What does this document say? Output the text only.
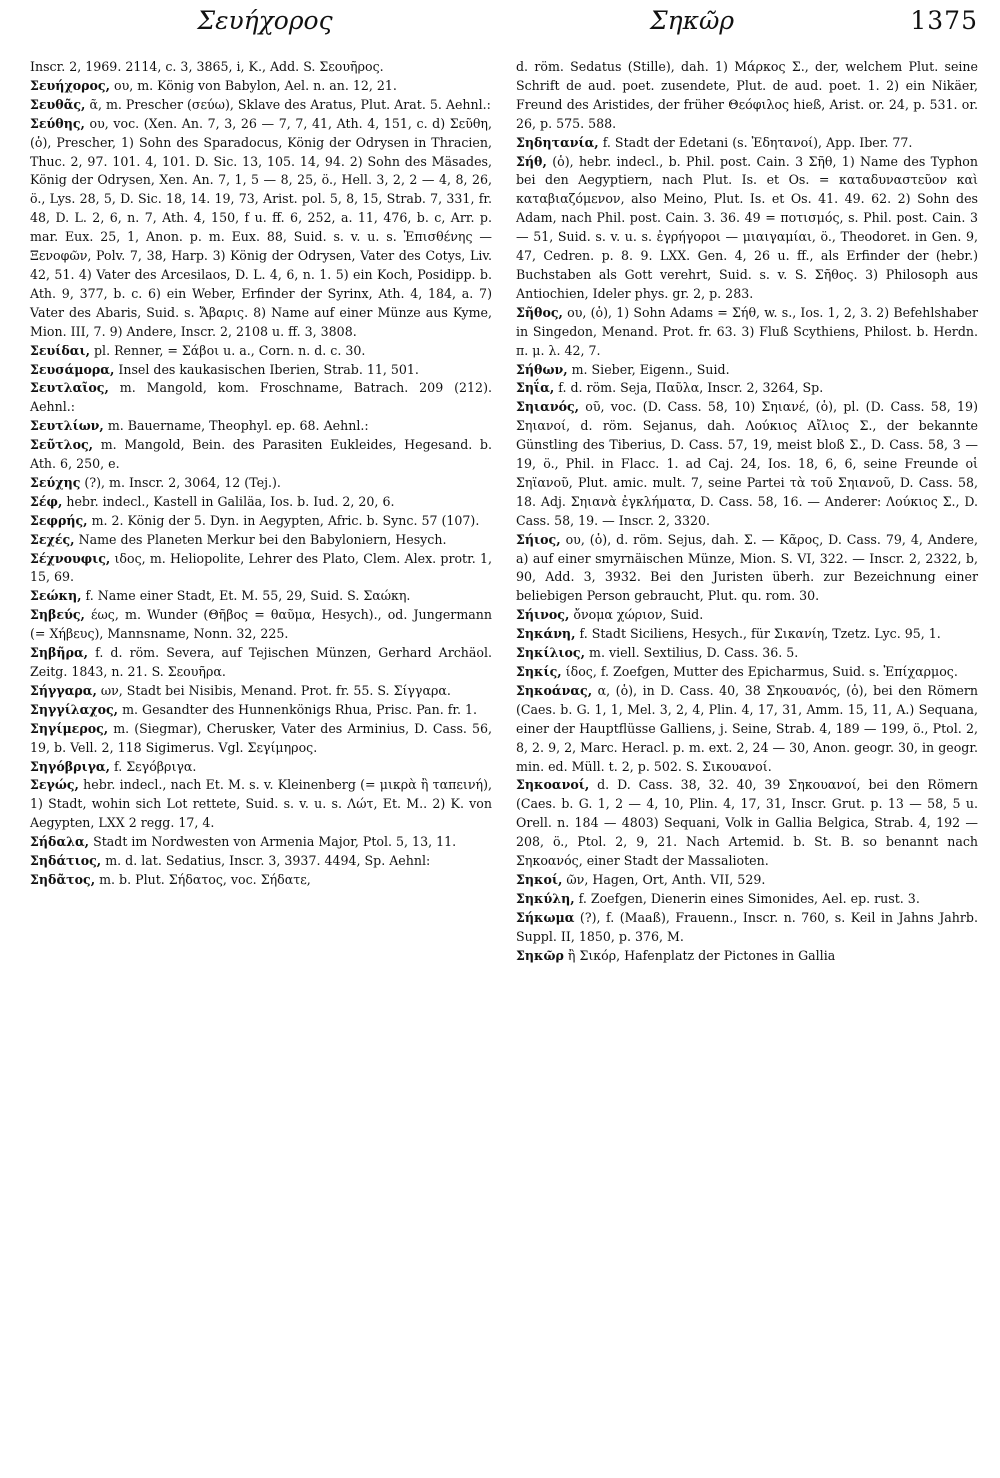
Σευήχορος	Σηκῶρ	1375

Inscr. 2, 1969. 2114, c. 3, 3865, i, K., Add. S. Σεουῆρος.

Σευήχορος, ου, m. König von Babylon, Ael. n. an. 12, 21.

Σευθᾶς, ᾶ, m. Prescher (σεύω), Sklave des Aratus, Plut. Arat. 5. Aehnl.:

Σεύθης, ου, voc. (Xen. An. 7, 3, 26 — 7, 7, 41, Ath. 4, 151, c. d) Σεῦθη, (ὁ), Prescher, 1) Sohn des Sparadocus, König der Odrysen in Thracien, Thuc. 2, 97. 101. 4, 101. D. Sic. 13, 105. 14, 94. 2) Sohn des Mäsades, König der Odrysen, Xen. An. 7, 1, 5 — 8, 25, ö., Hell. 3, 2, 2 — 4, 8, 26, ö., Lys. 28, 5, D. Sic. 18, 14. 19, 73, Arist. pol. 5, 8, 15, Strab. 7, 331, fr. 48, D. L. 2, 6, n. 7, Ath. 4, 150, f u. ff. 6, 252, a. 11, 476, b. c, Arr. p. mar. Eux. 25, 1, Anon. p. m. Eux. 88, Suid. s. v. u. s. Ἐπισθένης — Ξενοφῶν, Polv. 7, 38, Harp. 3) König der Odrysen, Vater des Cotys, Liv. 42, 51. 4) Vater des Arcesilaos, D. L. 4, 6, n. 1. 5) ein Koch, Posidipp. b. Ath. 9, 377, b. c. 6) ein Weber, Erfinder der Syrinx, Ath. 4, 184, a. 7) Vater des Abaris, Suid. s. Ἄβαρις. 8) Name auf einer Münze aus Kyme, Mion. III, 7. 9) Andere, Inscr. 2, 2108 u. ff. 3, 3808.

Σευίδαι, pl. Renner, = Σάβοι u. a., Corn. n. d. c. 30.

Σευσάμορα, Insel des kaukasischen Iberien, Strab. 11, 501.

Σευτλαῖος, m. Mangold, kom. Froschname, Batrach. 209 (212). Aehnl.:

Σευτλίων, m. Bauername, Theophyl. ep. 68. Aehnl.:

Σεῦτλος, m. Mangold, Bein. des Parasiten Eukleides, Hegesand. b. Ath. 6, 250, e.

Σεύχης (?), m. Inscr. 2, 3064, 12 (Tej.).

Σέφ, hebr. indecl., Kastell in Galiläa, Ios. b. Iud. 2, 20, 6.

Σεφρής, m. 2. König der 5. Dyn. in Aegypten, Afric. b. Sync. 57 (107).

Σεχές, Name des Planeten Merkur bei den Babyloniern, Hesych.

Σέχνουφις, ιδος, m. Heliopolite, Lehrer des Plato, Clem. Alex. protr. 1, 15, 69.

Σεώκη, f. Name einer Stadt, Et. M. 55, 29, Suid. S. Σαώκη.

Σηβεύς, έως, m. Wunder (Θῆβος = θαῦμα, Hesych)., od. Jungermann (= Χήβευς), Mannsname, Nonn. 32, 225.

Σηβῆρα, f. d. röm. Severa, auf Tejischen Münzen, Gerhard Archäol. Zeitg. 1843, n. 21. S. Σεουῆρα.

Σήγγαρα, ων, Stadt bei Nisibis, Menand. Prot. fr. 55. S. Σίγγαρα.

Σηγγίλαχος, m. Gesandter des Hunnenkönigs Rhua, Prisc. Pan. fr. 1.

Σηγίμερος, m. (Siegmar), Cherusker, Vater des Arminius, D. Cass. 56, 19, b. Vell. 2, 118 Sigimerus. Vgl. Σεγίμηρος.

Σηγόβριγα, f. Σεγόβριγα.

Σεγώς, hebr. indecl., nach Et. M. s. v. Kleinenberg (= μικρὰ ἢ ταπεινή), 1) Stadt, wohin sich Lot rettete, Suid. s. v. u. s. Λώτ, Et. M.. 2) K. von Aegypten, LXX 2 regg. 17, 4.

Σήδαλα, Stadt im Nordwesten von Armenia Major, Ptol. 5, 13, 11.

Σηδάτιος, m. d. lat. Sedatius, Inscr. 3, 3937. 4494, Sp. Aehnl:

Σηδᾶτος, m. b. Plut. Σήδατος, voc. Σήδατε,

d. röm. Sedatus (Stille), dah. 1) Μάρκος Σ., der, welchem Plut. seine Schrift de aud. poet. zusendete, Plut. de aud. poet. 1. 2) ein Nikäer, Freund des Aristides, der früher Θεόφιλος hieß, Arist. or. 24, p. 531. or. 26, p. 575. 588.

Σηδητανία, f. Stadt der Edetani (s. Ἐδητανοί), App. Iber. 77.

Σήθ, (ὁ), hebr. indecl., b. Phil. post. Cain. 3 Σῆθ, 1) Name des Typhon bei den Aegyptiern, nach Plut. Is. et Os. = καταδυναστεῦον καὶ καταβιαζόμενον, also Meino, Plut. Is. et Os. 41. 49. 62. 2) Sohn des Adam, nach Phil. post. Cain. 3. 36. 49 = ποτισμός, s. Phil. post. Cain. 3 — 51, Suid. s. v. u. s. ἐγρήγοροι — μιαιγαμίαι, ö., Theodoret. in Gen. 9, 47, Cedren. p. 8. 9. LXX. Gen. 4, 26 u. ff., als Erfinder der (hebr.) Buchstaben als Gott verehrt, Suid. s. v. S. Σῆθος. 3) Philosoph aus Antiochien, Ideler phys. gr. 2, p. 283.

Σῆθος, ου, (ὁ), 1) Sohn Adams = Σήθ, w. s., Ios. 1, 2, 3. 2) Befehlshaber in Singedon, Menand. Prot. fr. 63. 3) Fluß Scythiens, Philost. b. Herdn. π. μ. λ. 42, 7.

Σήθων, m. Sieber, Eigenn., Suid.

Σηΐα, f. d. röm. Seja, Παῦλα, Inscr. 2, 3264, Sp.

Σηιανός, οῦ, voc. (D. Cass. 58, 10) Σηιανέ, (ὁ), pl. (D. Cass. 58, 19) Σηιανοί, d. röm. Sejanus, dah. Λούκιος Αἴλιος Σ., der bekannte Günstling des Tiberius, D. Cass. 57, 19, meist bloß Σ., D. Cass. 58, 3 — 19, ö., Phil. in Flacc. 1. ad Caj. 24, Ios. 18, 6, 6, seine Freunde οἱ Σηϊανοῦ, Plut. amic. mult. 7, seine Partei τὰ τοῦ Σηιανοῦ, D. Cass. 58, 18. Adj. Σηιανὰ ἐγκλήματα, D. Cass. 58, 16. — Anderer: Λούκιος Σ., D. Cass. 58, 19. — Inscr. 2, 3320.

Σήιος, ου, (ὁ), d. röm. Sejus, dah. Σ. — Κᾶρος, D. Cass. 79, 4, Andere, a) auf einer smyrnäischen Münze, Mion. S. VI, 322. — Inscr. 2, 2322, b, 90, Add. 3, 3932. Bei den Juristen überh. zur Bezeichnung einer beliebigen Person gebraucht, Plut. qu. rom. 30.

Σήινος, ὄνομα χώριον, Suid.

Σηκάνη, f. Stadt Siciliens, Hesych., für Σικανίη, Tzetz. Lyc. 95, 1.

Σηκίλιος, m. viell. Sextilius, D. Cass. 36. 5.

Σηκίς, ίδος, f. Zoefgen, Mutter des Epicharmus, Suid. s. Ἐπίχαρμος.

Σηκοάνας, α, (ὁ), in D. Cass. 40, 38 Σηκουανός, (ὁ), bei den Römern (Caes. b. G. 1, 1, Mel. 3, 2, 4, Plin. 4, 17, 31, Amm. 15, 11, A.) Sequana, einer der Hauptflüsse Galliens, j. Seine, Strab. 4, 189 — 199, ö., Ptol. 2, 8, 2. 9, 2, Marc. Heracl. p. m. ext. 2, 24 — 30, Anon. geogr. 30, in geogr. min. ed. Müll. t. 2, p. 502. S. Σικουανοί.

Σηκοανοί, d. D. Cass. 38, 32. 40, 39 Σηκουανοί, bei den Römern (Caes. b. G. 1, 2 — 4, 10, Plin. 4, 17, 31, Inscr. Grut. p. 13 — 58, 5 u. Orell. n. 184 — 4803) Sequani, Volk in Gallia Belgica, Strab. 4, 192 — 208, ö., Ptol. 2, 9, 21. Nach Artemid. b. St. B. so benannt nach Σηκοανός, einer Stadt der Massalioten.

Σηκοί, ῶν, Hagen, Ort, Anth. VII, 529.

Σηκύλη, f. Zoefgen, Dienerin eines Simonides, Ael. ep. rust. 3.

Σήκωμα (?), f. (Maaß), Frauenn., Inscr. n. 760, s. Keil in Jahns Jahrb. Suppl. II, 1850, p. 376, M.

Σηκῶρ ἢ Σικόρ, Hafenplatz der Pictones in Gallia
